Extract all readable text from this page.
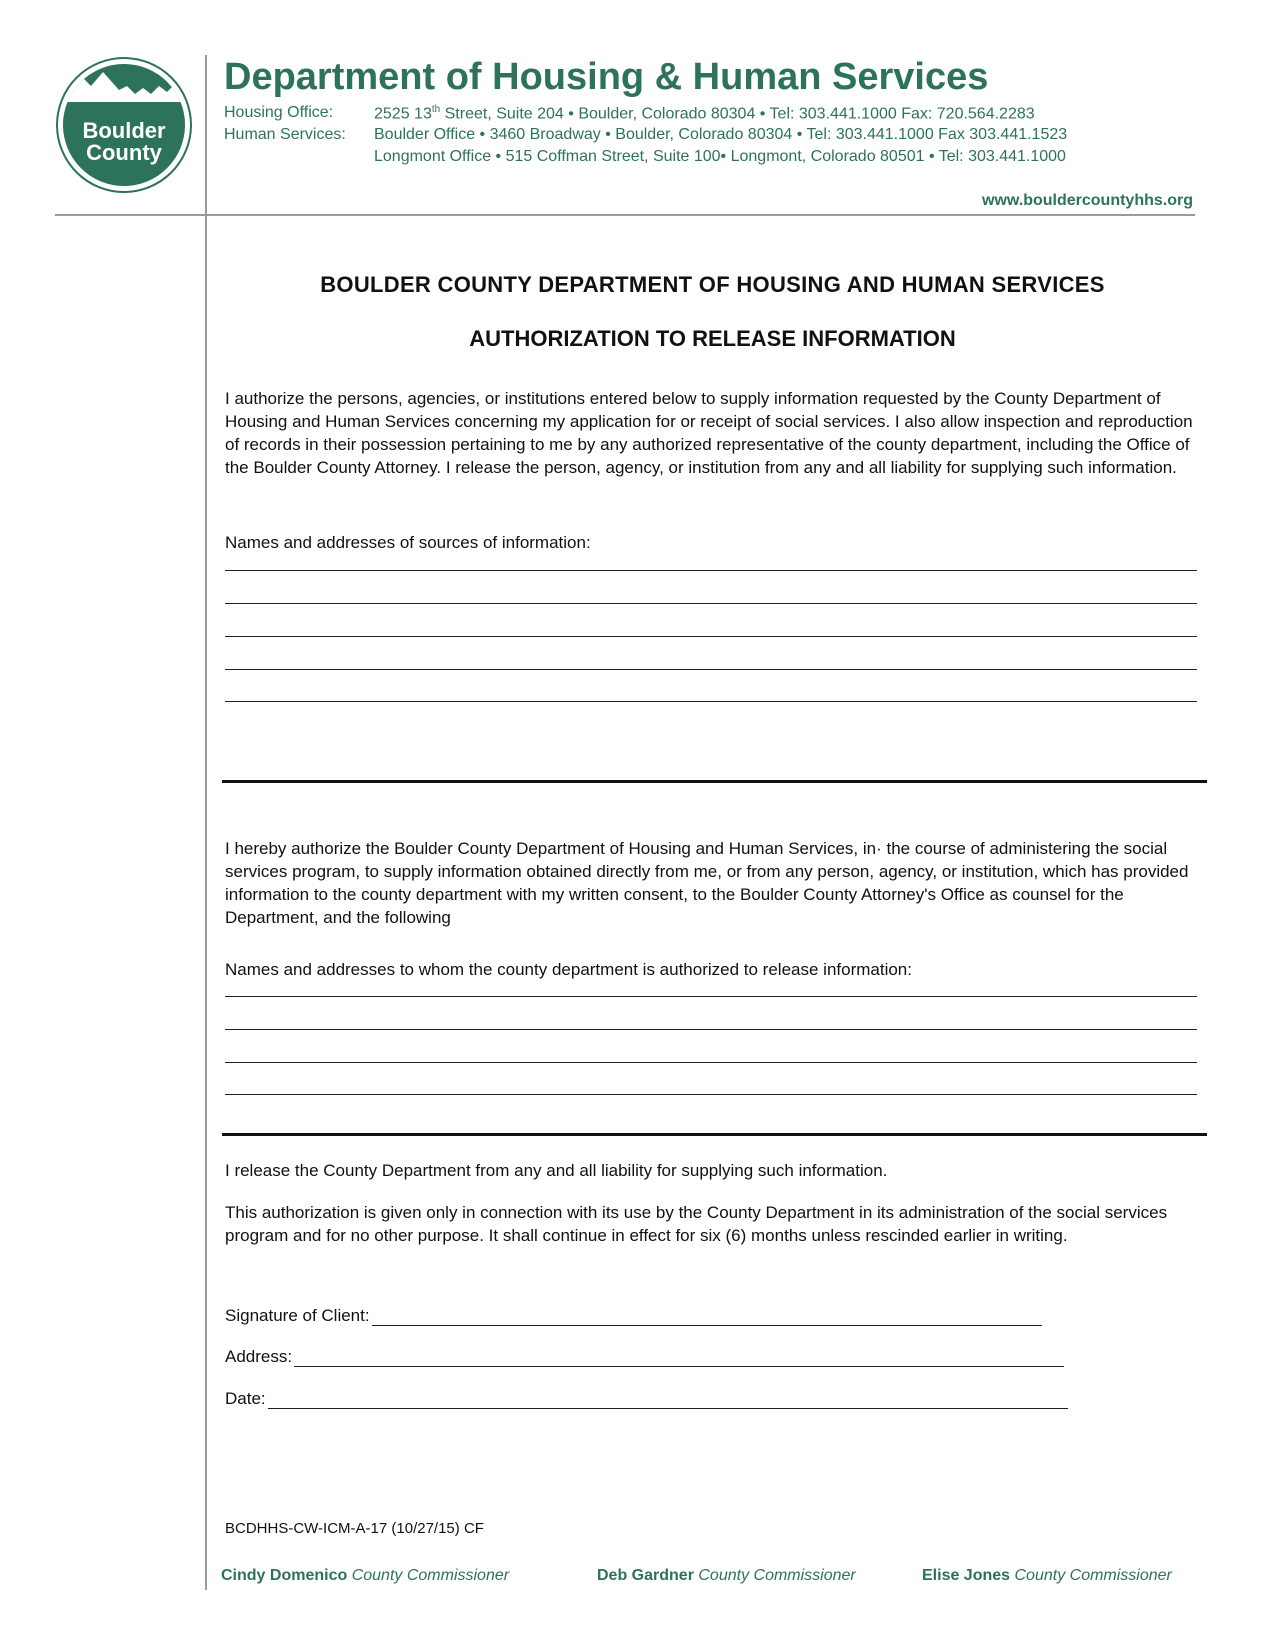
Boulder
County
Department of Housing & Human Services
Housing Office:	2525 13th Street, Suite 204 • Boulder, Colorado 80304 • Tel: 303.441.1000 Fax: 720.564.2283
Human Services: Boulder Office • 3460 Broadway • Boulder, Colorado 80304 • Tel: 303.441.1000 Fax 303.441.1523
Longmont Office • 515 Coffman Street, Suite 100• Longmont, Colorado 80501 • Tel: 303.441.1000
www.bouldercountyhhs.org
BOULDER COUNTY DEPARTMENT OF HOUSING AND HUMAN SERVICES
AUTHORIZATION TO RELEASE INFORMATION
I authorize the persons, agencies, or institutions entered below to supply information requested by the County Department of Housing and Human Services concerning my application for or receipt of social services. I also allow inspection and reproduction of records in their possession pertaining to me by any authorized representative of the county department, including the Office of the Boulder County Attorney. I release the person, agency, or institution from any and all liability for supplying such information.
Names and addresses of sources of information:
I hereby authorize the Boulder County Department of Housing and Human Services, in· the course of administering the social services program, to supply information obtained directly from me, or from any person, agency, or institution, which has provided information to the county department with my written consent, to the Boulder County Attorney's Office as counsel for the Department, and the following
Names and addresses to whom the county department is authorized to release information:
I release the County Department from any and all liability for supplying such information.
This authorization is given only in connection with its use by the County Department in its administration of the social services program and for no other purpose. It shall continue in effect for six (6) months unless rescinded earlier in writing.
Signature of Client:
Address:
Date:
BCDHHS-CW-ICM-A-17 (10/27/15) CF
Cindy Domenico County Commissioner	Deb Gardner County Commissioner	Elise Jones County Commissioner
